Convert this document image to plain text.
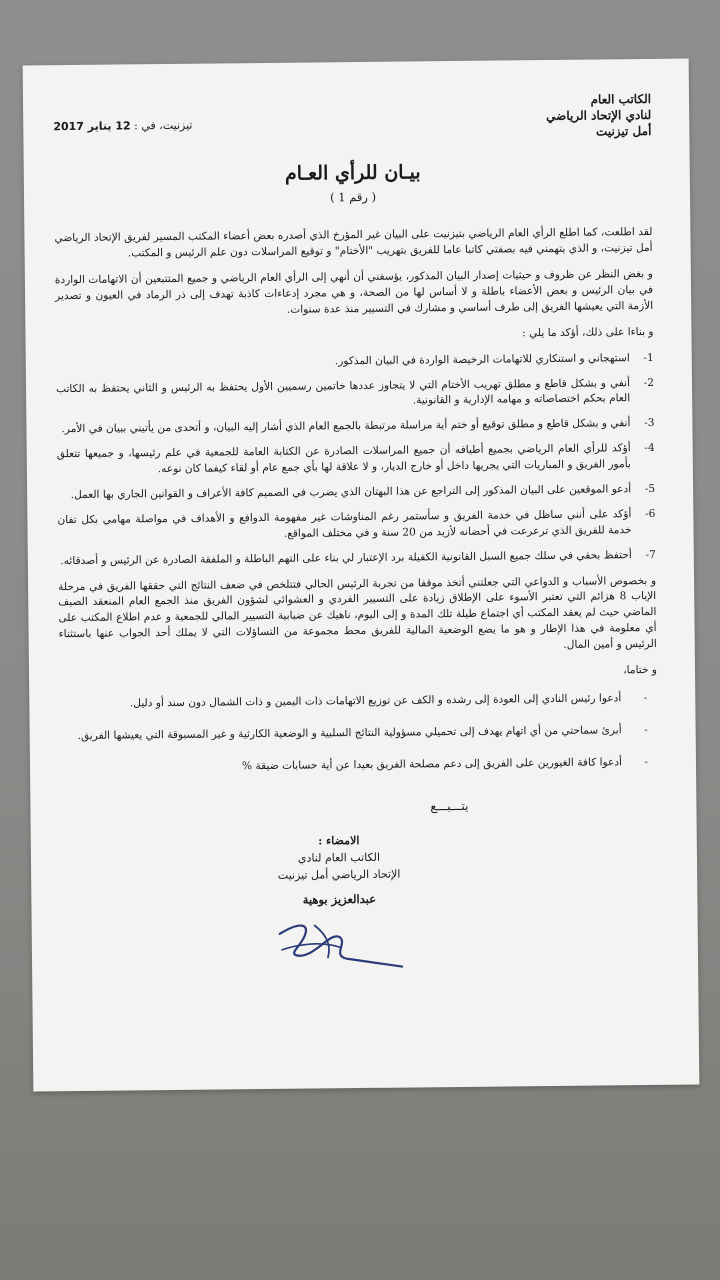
الكاتب العام
لنادي الإتحاد الرياضي
أمل تيزنيت
تيزنيت، في : 12 يناير 2017
بيـان للرأي العـام
( رقم 1 )

لقد اطلعت، كما اطلع الرأي العام الرياضي بتيزنيت على البيان غير المؤرخ الذي أصدره بعض أعضاء المكتب المسير لفريق الإتحاد الرياضي أمل تيزنيت، و الذي يتهمني فيه بصفتي كاتبا عاما للفريق بتهريب "الأختام" و توقيع المراسلات دون علم الرئيس و المكتب.

و بغض النظر عن ظروف و حيثيات إصدار البيان المذكور، يؤسفني أن أنهي إلى الرأي العام الرياضي و جميع المتتبعين أن الاتهامات الواردة في بيان الرئيس و بعض الأعضاء باطلة و لا أساس لها من الصحة، و هي مجرد إدعاءات كاذبة تهدف إلى ذر الرماد في العيون و تصدير الأزمة التي يعيشها الفريق إلى طرف أساسي و مشارك في التسيير منذ عدة سنوات.

و بناءا على ذلك، أؤكد ما يلي :

1-
استهجاني و استنكاري للاتهامات الرخيصة الواردة في البيان المذكور.
2-
أنفي و بشكل قاطع و مطلق تهريب الأختام التي لا يتجاوز عددها خاتمين رسميين الأول يحتفظ به الرئيس و الثاني يحتفظ به الكاتب العام بحكم اختصاصاته و مهامه الإدارية و القانونية.
3-
أنفي و بشكل قاطع و مطلق توقيع أو ختم أية مراسلة مرتبطة بالجمع العام الذي أشار إليه البيان، و أتحدى من يأتيني ببيان في الأمر.
4-
أؤكد للرأي العام الرياضي بجميع أطيافه أن جميع المراسلات الصادرة عن الكتابة العامة للجمعية في علم رئيسها، و جميعها تتعلق بأمور الفريق و المباريات التي يجريها داخل أو خارج الديار، و لا علاقة لها بأي جمع عام أو لقاء كيفما كان نوعه.
5-
أدعو الموقعين على البيان المذكور إلى التراجع عن هذا البهتان الذي يضرب في الصميم كافة الأعراف و القوانين الجاري بها العمل.
6-
أؤكد على أنني ساظل في خدمة الفريق و سأستمر رغم المناوشات غير مفهومة الدوافع و الأهداف في مواصلة مهامي بكل تفان خدمة للفريق الذي ترعرعت في أحضانه لأزيد من 20 سنة و في مختلف المواقع.
7-
أحتفظ بحقي في سلك جميع السبل القانونية الكفيلة برد الإعتبار لي بناء على التهم الباطلة و الملفقة الصادرة عن الرئيس و أصدقائه.

و بخصوص الأسباب و الدواعي التي جعلتني أتخذ موقفا من تجربة الرئيس الحالي فتتلخص في ضعف النتائج التي حققها الفريق في مرحلة الإياب 8 هزائم التي تعتبر الأسوء على الإطلاق زيادة على التسيير الفردي و العشوائي لشؤون الفريق منذ الجمع العام المنعقد الصيف الماضي حيث لم يعقد المكتب أي اجتماع طيلة تلك المدة و إلى اليوم، ناهيك عن ضبابية التسيير المالي للجمعية و عدم اطلاع المكتب على أي معلومة في هذا الإطار و هو ما يضع الوضعية المالية للفريق محط مجموعة من التساؤلات التي لا يملك أحد الجواب عنها باستثناء الرئيس و أمين المال.

و ختاما،

-
أدعوا رئيس النادي إلى العودة إلى رشده و الكف عن توزيع الاتهامات ذات اليمين و ذات الشمال دون سند أو دليل.
-
أبرئ سماحتي من أي اتهام يهدف إلى تحميلي مسؤولية النتائج السلبية و الوضعية الكارثية و غير المسبوقة التي يعيشها الفريق.
-
أدعوا كافة الغيورين على الفريق إلى دعم مصلحة الفريق بعيدا عن أية حسابات ضيقة %
يتـــبـــع
الامضاء :
الكاتب العام لنادي
الإتحاد الرياضي أمل تيزنيت
عبدالعزيز بوهية
